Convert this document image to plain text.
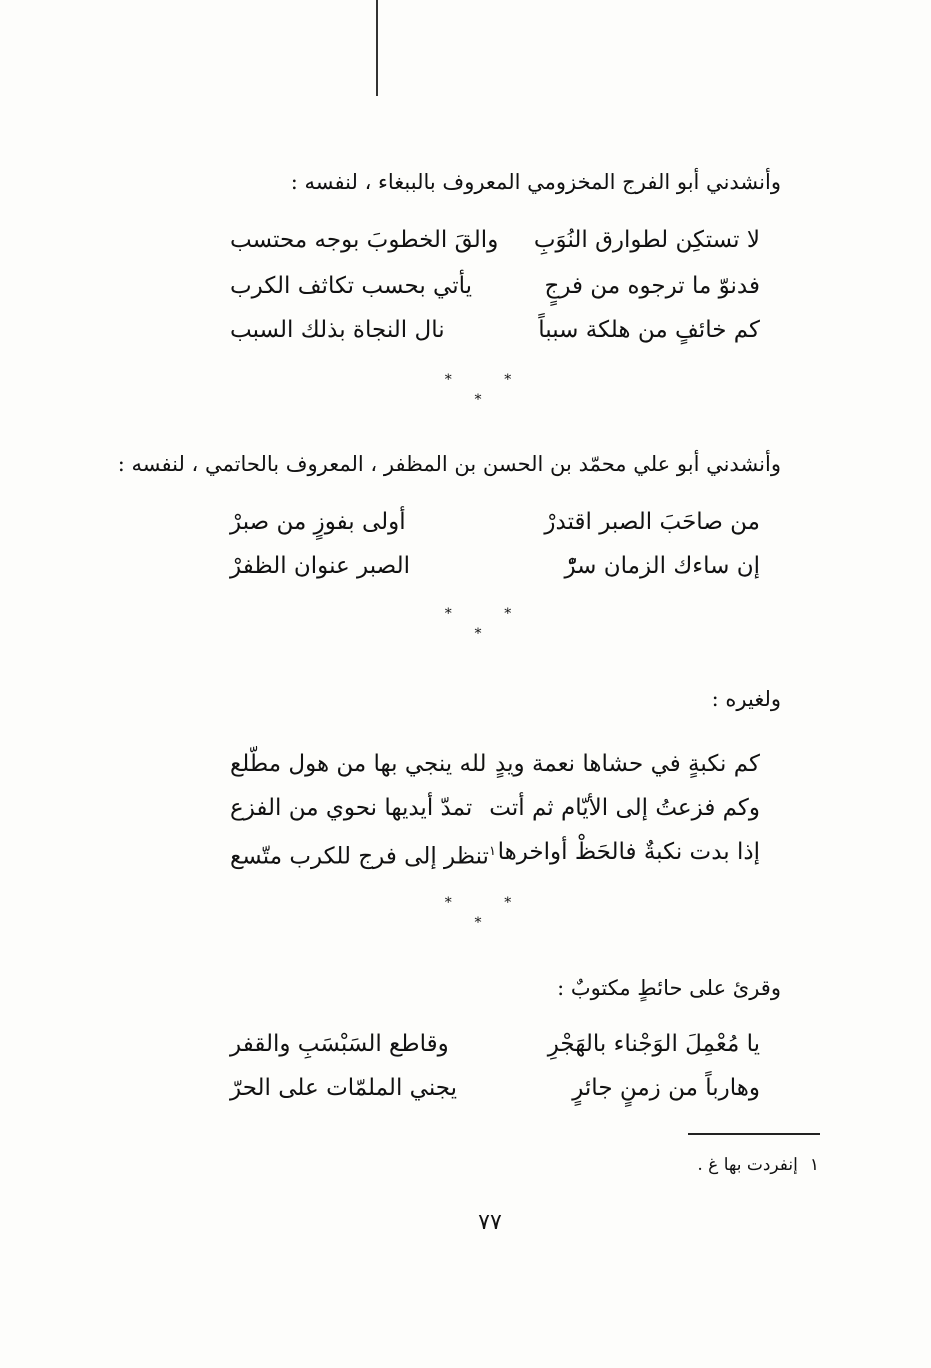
وأنشدني أبو الفرج المخزومي المعروف بالببغاء ، لنفسه :
لا تستكِن لطوارق النُوَبِ
والقَ الخطوبَ بوجه محتسب
فدنوّ ما ترجوه من فرجٍ
يأتي بحسب تكاثف الكرب
كم خائفٍ من هلكة سبباً
نال النجاة بذلك السبب
* * *
وأنشدني أبو علي محمّد بن الحسن بن المظفر ، المعروف بالحاتمي ، لنفسه :
من صاحَبَ الصبر اقتدرْ
أولى بفوزٍ من صبرْ
إن ساءك الزمان سرّْ
الصبر عنوان الظفرْ
* * *
ولغيره :
كم نكبةٍ في حشاها نعمة ويدٍ
لله ينجي بها من هول مطّلع
وكم فزعتُ إلى الأيّام ثم أتت
تمدّ أيديها نحوي من الفزع
إذا بدت نكبةٌ فالحَظْ أواخرها
$^١$تنظر إلى فرج للكرب متّسع
* * *
وقرئ على حائطٍ مكتوبٌ :
يا مُعْمِلَ الوَجْناء بالهَجْرِ
وقاطع السَبْسَبِ والقفر
وهارباً من زمنٍ جائرٍ
يجني الملمّات على الحرّ
١إنفردت بها غ .
٧٧
